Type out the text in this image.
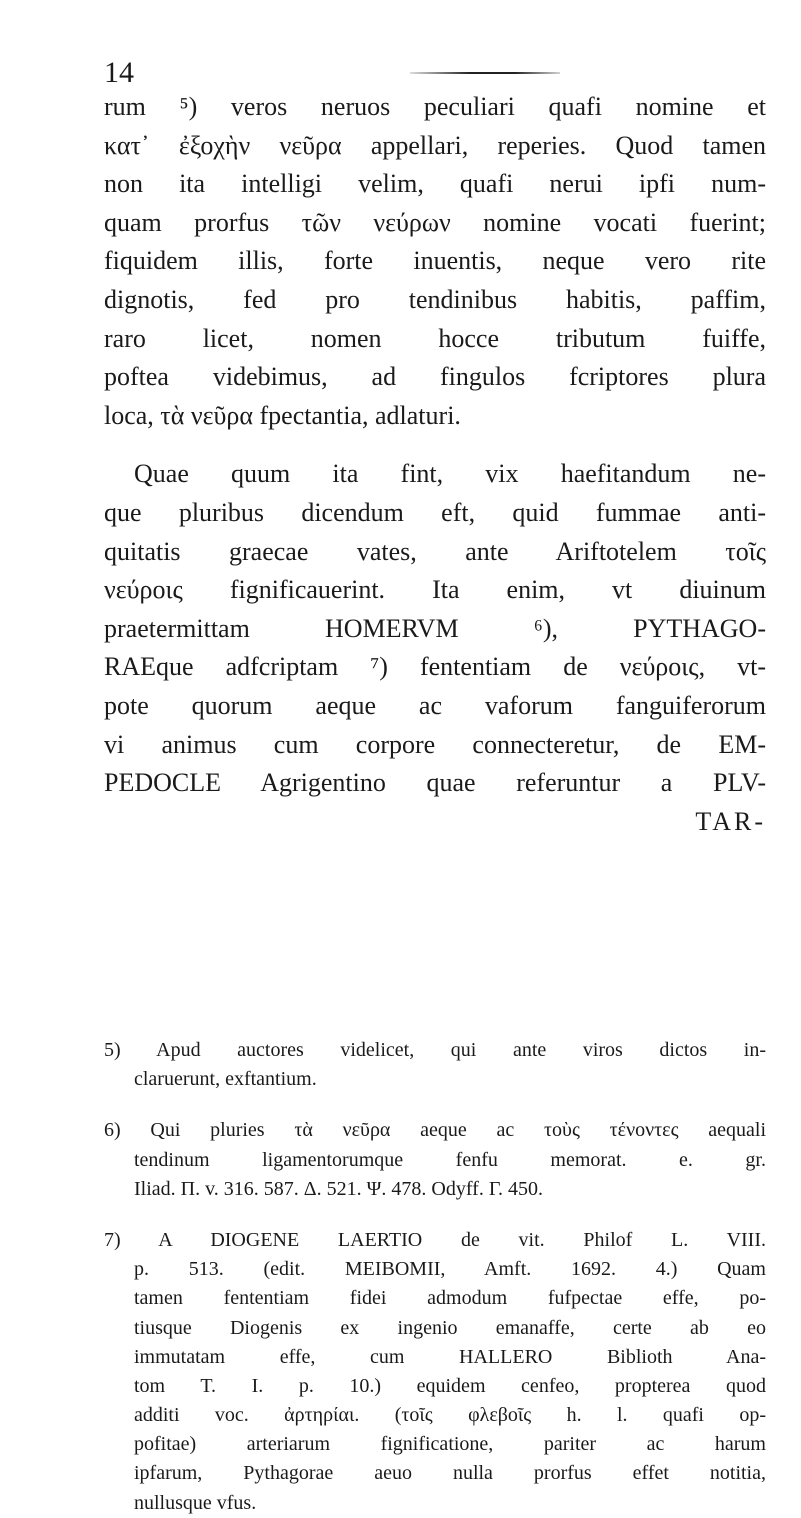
14
rum ⁵) veros neruos peculiari quafi nomine et
κατ᾽ ἐξοχὴν νεῦρα appellari, reperies. Quod tamen
non ita intelligi velim, quafi nerui ipfi num-
quam prorfus τῶν νεύρων nomine vocati fuerint;
fiquidem illis, forte inuentis, neque vero rite
dignotis, fed pro tendinibus habitis, paffim,
raro licet, nomen hocce tributum fuiffe,
poftea videbimus, ad fingulos fcriptores plura
loca, τὰ νεῦρα fpectantia, adlaturi.
Quae quum ita fint, vix haefitandum ne-
que pluribus dicendum eft, quid fummae anti-
quitatis graecae vates, ante Ariftotelem τοῖς
νεύροις fignificauerint. Ita enim, vt diuinum
praetermittam HOMERVM ⁶), PYTHAGO-
RAEque adfcriptam ⁷) fententiam de νεύροις, vt-
pote quorum aeque ac vaforum fanguiferorum
vi animus cum corpore connecteretur, de EM-
PEDOCLE Agrigentino quae referuntur a PLV-
TAR-
5) Apud auctores videlicet, qui ante viros dictos in-
claruerunt, exftantium.
6) Qui pluries τὰ νεῦρα aeque ac τοὺς τένοντες aequali
tendinum ligamentorumque fenfu memorat. e. gr.
Iliad. Π. v. 316. 587. Δ. 521. Ψ. 478. Odyff. Γ. 450.
7) A DIOGENE LAERTIO de vit. Philof L. VIII.
p. 513. (edit. MEIBOMII, Amft. 1692. 4.) Quam
tamen fententiam fidei admodum fufpectae effe, po-
tiusque Diogenis ex ingenio emanaffe, certe ab eo
immutatam effe, cum HALLERO Biblioth Ana-
tom T. I. p. 10.) equidem cenfeo, propterea quod
additi voc. ἀρτηρίαι. (τοῖς φλεβοῖς h. l. quafi op-
pofitae) arteriarum fignificatione, pariter ac harum
ipfarum, Pythagorae aeuo nulla prorfus effet notitia,
nullusque vfus.
